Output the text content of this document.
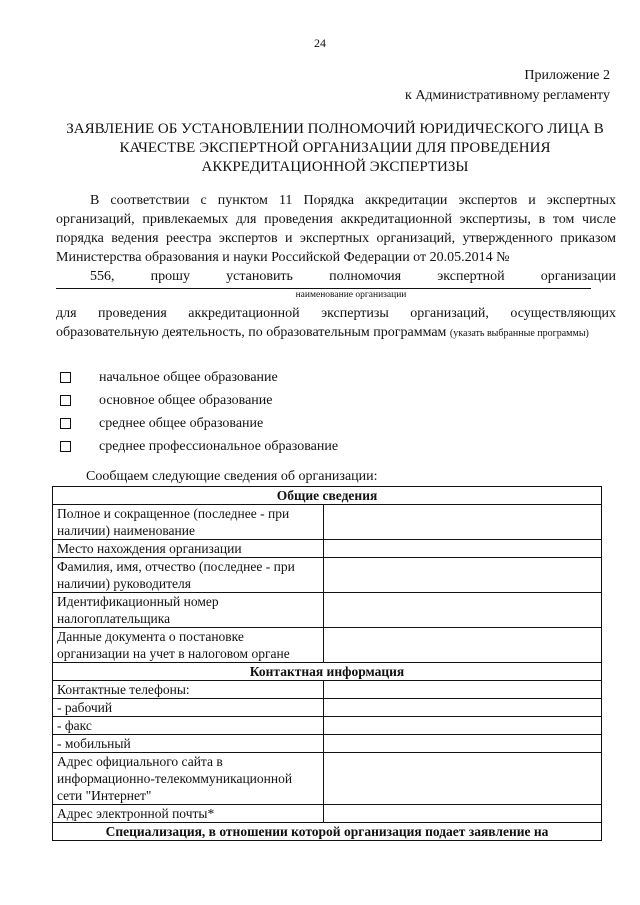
24
Приложение 2
к Административному регламенту
ЗАЯВЛЕНИЕ ОБ УСТАНОВЛЕНИИ ПОЛНОМОЧИЙ ЮРИДИЧЕСКОГО ЛИЦА В КАЧЕСТВЕ ЭКСПЕРТНОЙ ОРГАНИЗАЦИИ ДЛЯ ПРОВЕДЕНИЯ АККРЕДИТАЦИОННОЙ ЭКСПЕРТИЗЫ
В соответствии с пунктом 11 Порядка аккредитации экспертов и экспертных организаций, привлекаемых для проведения аккредитационной экспертизы, в том числе порядка ведения реестра экспертов и экспертных организаций, утвержденного приказом Министерства образования и науки Российской Федерации от 20.05.2014 №
556,	прошу	установить	полномочия	экспертной	организации
наименование организации
для проведения аккредитационной экспертизы организаций, осуществляющих образовательную деятельность, по образовательным программам (указать выбранные программы)
начальное общее образование
основное общее образование
среднее общее образование
среднее профессиональное образование
Сообщаем следующие сведения об организации:
Общие сведения	
Полное и сокращенное (последнее - при наличии) наименование	
Место нахождения организации	
Фамилия, имя, отчество (последнее - при наличии) руководителя	
Идентификационный номер налогоплательщика	
Данные документа о постановке организации на учет в налоговом органе	
Контактная информация	
Контактные телефоны:	
- рабочий	
- факс	
- мобильный	
Адрес официального сайта в информационно-телекоммуникационной сети "Интернет"	
Адрес электронной почты*	
Специализация, в отношении которой организация подает заявление на	
